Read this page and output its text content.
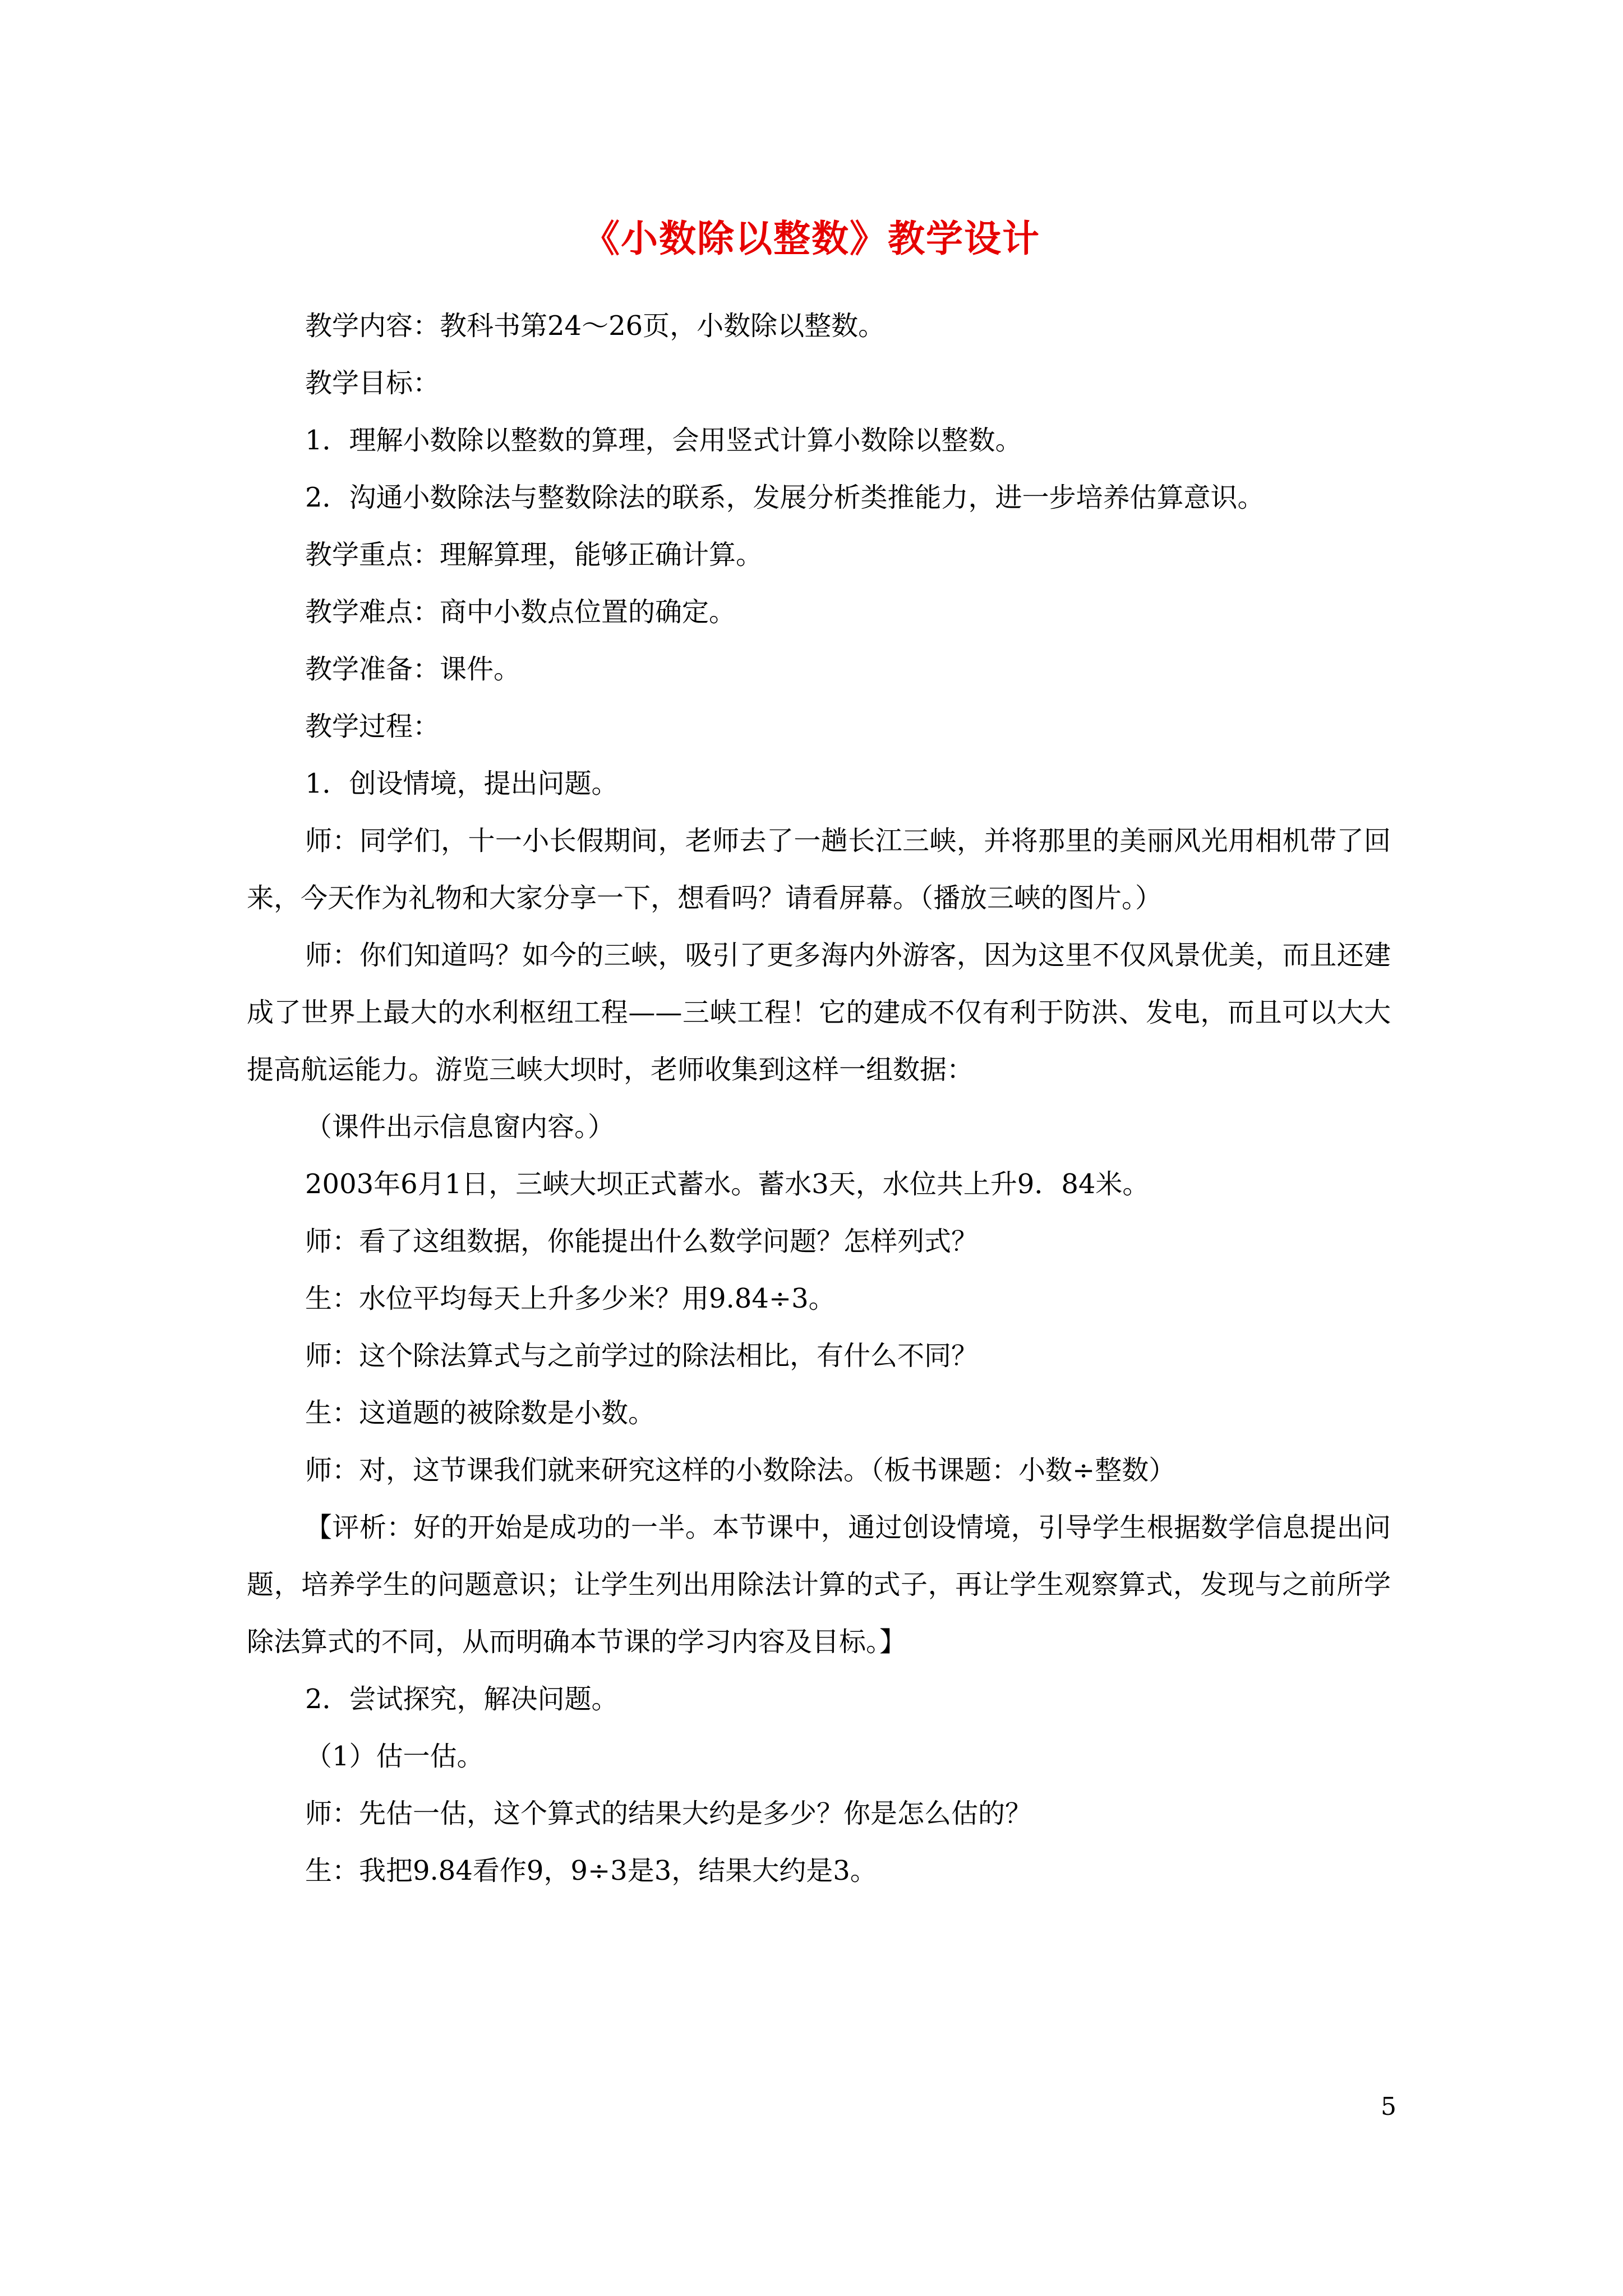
《小数除以整数》教学设计

教学内容：教科书第24～26页，小数除以整数。

教学目标：

1．理解小数除以整数的算理，会用竖式计算小数除以整数。

2．沟通小数除法与整数除法的联系，发展分析类推能力，进一步培养估算意识。

教学重点：理解算理，能够正确计算。

教学难点：商中小数点位置的确定。

教学准备：课件。

教学过程：

1．创设情境，提出问题。

师：同学们，十一小长假期间，老师去了一趟长江三峡，并将那里的美丽风光用相机带了回来，今天作为礼物和大家分享一下，想看吗？请看屏幕。（播放三峡的图片。）

师：你们知道吗？如今的三峡，吸引了更多海内外游客，因为这里不仅风景优美，而且还建成了世界上最大的水利枢纽工程——三峡工程！它的建成不仅有利于防洪、发电，而且可以大大提高航运能力。游览三峡大坝时，老师收集到这样一组数据：

（课件出示信息窗内容。）

2003年6月1日，三峡大坝正式蓄水。蓄水3天，水位共上升9．84米。

师：看了这组数据，你能提出什么数学问题？怎样列式？

生：水位平均每天上升多少米？用9.84÷3。

师：这个除法算式与之前学过的除法相比，有什么不同？

生：这道题的被除数是小数。

师：对，这节课我们就来研究这样的小数除法。（板书课题：小数÷整数）

【评析：好的开始是成功的一半。本节课中，通过创设情境，引导学生根据数学信息提出问题，培养学生的问题意识；让学生列出用除法计算的式子，再让学生观察算式，发现与之前所学除法算式的不同，从而明确本节课的学习内容及目标。】

2．尝试探究，解决问题。

（1）估一估。

师：先估一估，这个算式的结果大约是多少？你是怎么估的？

生：我把9.84看作9，9÷3是3，结果大约是3。

5
